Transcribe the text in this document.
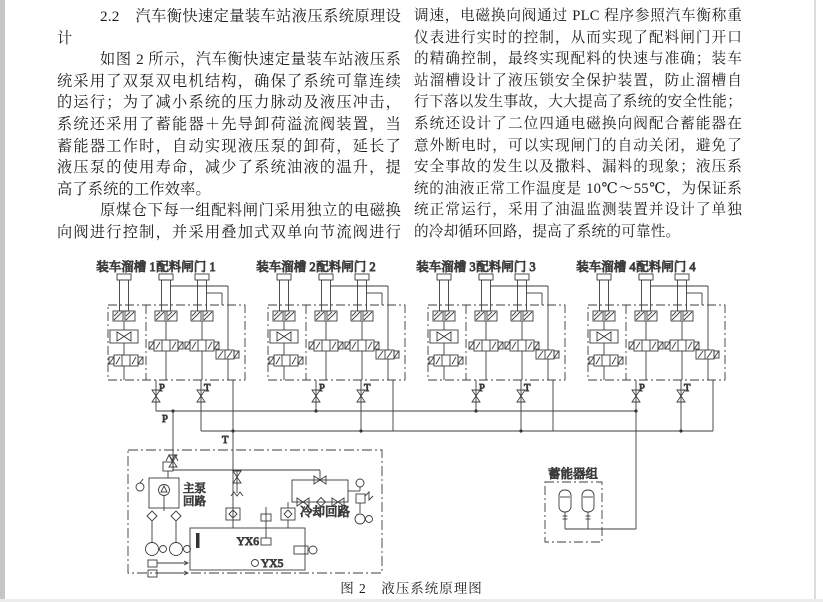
2.2　汽车衡快速定量装车站液压系统原理设
计
如图 2 所示，汽车衡快速定量装车站液压系
统采用了双泵双电机结构，确保了系统可靠连续
的运行；为了减小系统的压力脉动及液压冲击，
系统还采用了蓄能器＋先导卸荷溢流阀装置，当
蓄能器工作时，自动实现液压泵的卸荷，延长了
液压泵的使用寿命，减少了系统油液的温升，提
高了系统的工作效率。
原煤仓下每一组配料闸门采用独立的电磁换
向阀进行控制，并采用叠加式双单向节流阀进行
调速，电磁换向阀通过 PLC 程序参照汽车衡称重
仪表进行实时的控制，从而实现了配料闸门开口
的精确控制，最终实现配料的快速与准确；装车
站溜槽设计了液压锁安全保护装置，防止溜槽自
行下落以发生事故，大大提高了系统的安全性能；
系统还设计了二位四通电磁换向阀配合蓄能器在
意外断电时，可以实现闸门的自动关闭，避免了
安全事故的发生以及撒料、漏料的现象；液压系
统的油液正常工作温度是 10℃～55℃，为保证系
统正常运行，采用了油温监测装置并设计了单独
的冷却循环回路，提高了系统的可靠性。
装车溜槽 1 配料闸门 1	装车溜槽 2 配料闸门 2	装车溜槽 3 配料闸门 3	装车溜槽 4 配料闸门 4
P	T	P	T	P	T	P	T
P
T
主泵
回路
冷却回路
YX6
YX5
蓄能器组
图 2　液压系统原理图
